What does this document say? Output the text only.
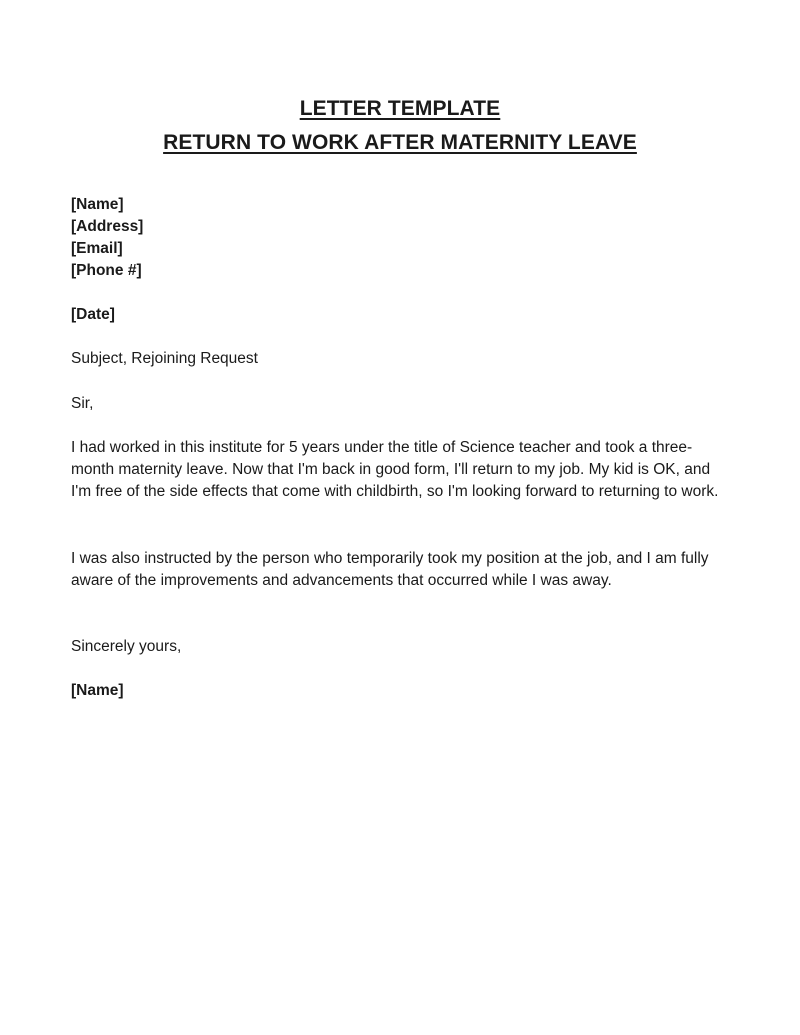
LETTER TEMPLATE
RETURN TO WORK AFTER MATERNITY LEAVE
[Name]
[Address]
[Email]
[Phone #]

[Date]

Subject, Rejoining Request

Sir,

I had worked in this institute for 5 years under the title of Science teacher and took a three-month maternity leave. Now that I'm back in good form, I'll return to my job. My kid is OK, and I'm free of the side effects that come with childbirth, so I'm looking forward to returning to work.

I was also instructed by the person who temporarily took my position at the job, and I am fully aware of the improvements and advancements that occurred while I was away.

Sincerely yours,

[Name]
